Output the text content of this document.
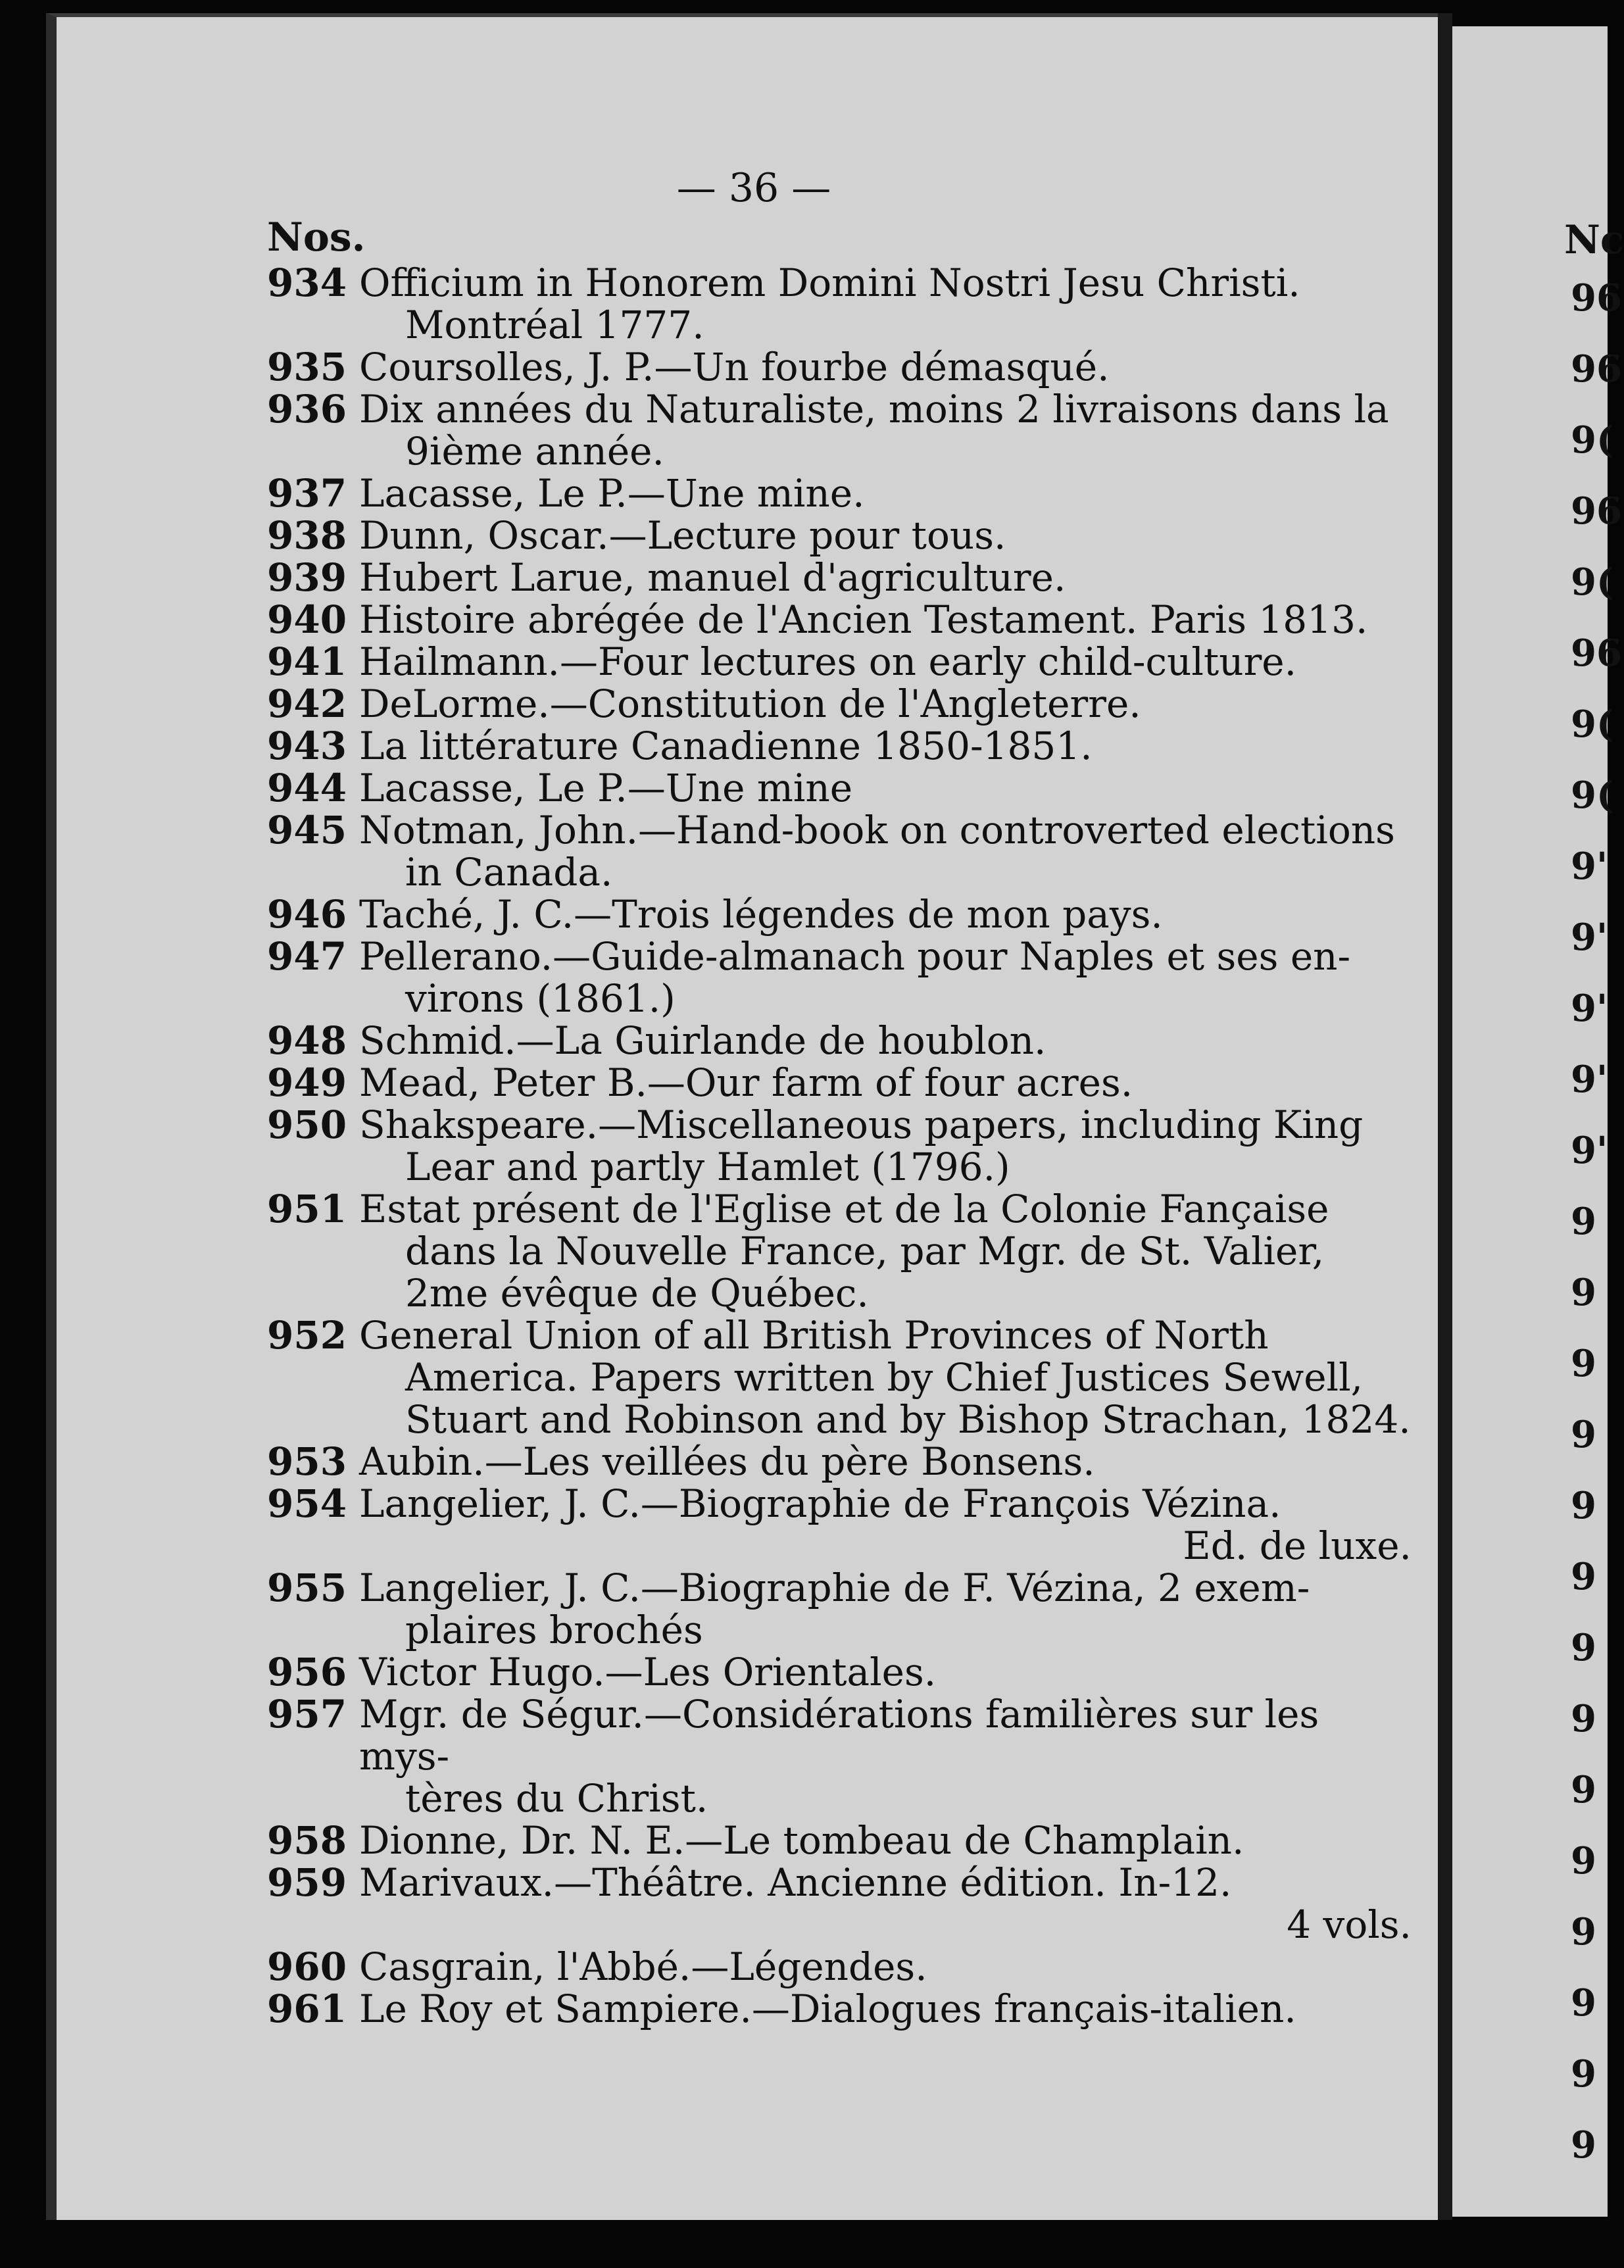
— 36 —
Nos.
934 Officium in Honorem Domini Nostri Jesu Christi.
Montréal 1777.
935 Coursolles, J. P.—Un fourbe démasqué.
936 Dix années du Naturaliste, moins 2 livraisons dans la
9ième année.
937 Lacasse, Le P.—Une mine.
938 Dunn, Oscar.—Lecture pour tous.
939 Hubert Larue, manuel d'agriculture.
940 Histoire abrégée de l'Ancien Testament. Paris 1813.
941 Hailmann.—Four lectures on early child-culture.
942 DeLorme.—Constitution de l'Angleterre.
943 La littérature Canadienne 1850-1851.
944 Lacasse, Le P.—Une mine
945 Notman, John.—Hand-book on controverted elections
in Canada.
946 Taché, J. C.—Trois légendes de mon pays.
947 Pellerano.—Guide-almanach pour Naples et ses en-
virons (1861.)
948 Schmid.—La Guirlande de houblon.
949 Mead, Peter B.—Our farm of four acres.
950 Shakspeare.—Miscellaneous papers, including King
Lear and partly Hamlet (1796.)
951 Estat présent de l'Eglise et de la Colonie Fançaise
dans la Nouvelle France, par Mgr. de St. Valier,
2me évêque de Québec.
952 General Union of all British Provinces of North
America. Papers written by Chief Justices Sewell,
Stuart and Robinson and by Bishop Strachan, 1824.
953 Aubin.—Les veillées du père Bonsens.
954 Langelier, J. C.—Biographie de François Vézina.
Ed. de luxe.
955 Langelier, J. C.—Biographie de F. Vézina, 2 exem-
plaires brochés
956 Victor Hugo.—Les Orientales.
957 Mgr. de Ségur.—Considérations familières sur les mys-
tères du Christ.
958 Dionne, Dr. N. E.—Le tombeau de Champlain.
959 Marivaux.—Théâtre. Ancienne édition. In-12.
4 vols.
960 Casgrain, l'Abbé.—Légendes.
961 Le Roy et Sampiere.—Dialogues français-italien.
Nc
96
96
9(
96
9(
96
9(
9(
9'
9'
9'
9'
9'
9
9
9
9
9
9
9
9
9
9
9
9
9
9
